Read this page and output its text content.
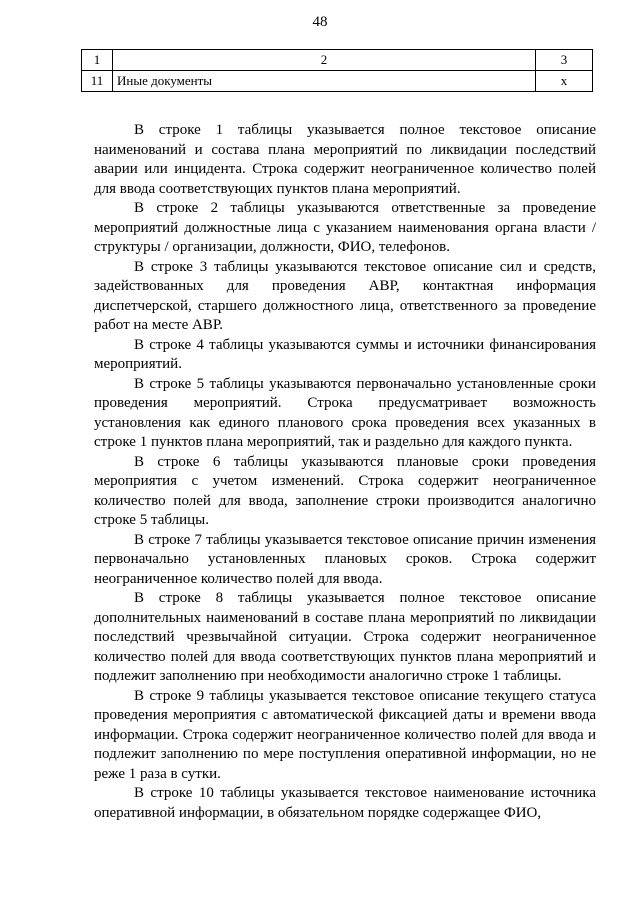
48
1	2	3
11	Иные документы	x

В строке 1 таблицы указывается полное текстовое описание наименований и состава плана мероприятий по ликвидации последствий аварии или инцидента. Строка содержит неограниченное количество полей для ввода соответствующих пунктов плана мероприятий.

В строке 2 таблицы указываются ответственные за проведение мероприятий должностные лица с указанием наименования органа власти / структуры / организации, должности, ФИО, телефонов.

В строке 3 таблицы указываются текстовое описание сил и средств, задействованных для проведения АВР, контактная информация диспетчерской, старшего должностного лица, ответственного за проведение работ на месте АВР.

В строке 4 таблицы указываются суммы и источники финансирования мероприятий.

В строке 5 таблицы указываются первоначально установленные сроки проведения мероприятий. Строка предусматривает возможность установления как единого планового срока проведения всех указанных в строке 1 пунктов плана мероприятий, так и раздельно для каждого пункта.

В строке 6 таблицы указываются плановые сроки проведения мероприятия с учетом изменений. Строка содержит неограниченное количество полей для ввода, заполнение строки производится аналогично строке 5 таблицы.

В строке 7 таблицы указывается текстовое описание причин изменения первоначально установленных плановых сроков. Строка содержит неограниченное количество полей для ввода.

В строке 8 таблицы указывается полное текстовое описание дополнительных наименований в составе плана мероприятий по ликвидации последствий чрезвычайной ситуации. Строка содержит неограниченное количество полей для ввода соответствующих пунктов плана мероприятий и подлежит заполнению при необходимости аналогично строке 1 таблицы.

В строке 9 таблицы указывается текстовое описание текущего статуса проведения мероприятия с автоматической фиксацией даты и времени ввода информации. Строка содержит неограниченное количество полей для ввода и подлежит заполнению по мере поступления оперативной информации, но не реже 1 раза в сутки.

В строке 10 таблицы указывается текстовое наименование источника оперативной информации, в обязательном порядке содержащее ФИО,
